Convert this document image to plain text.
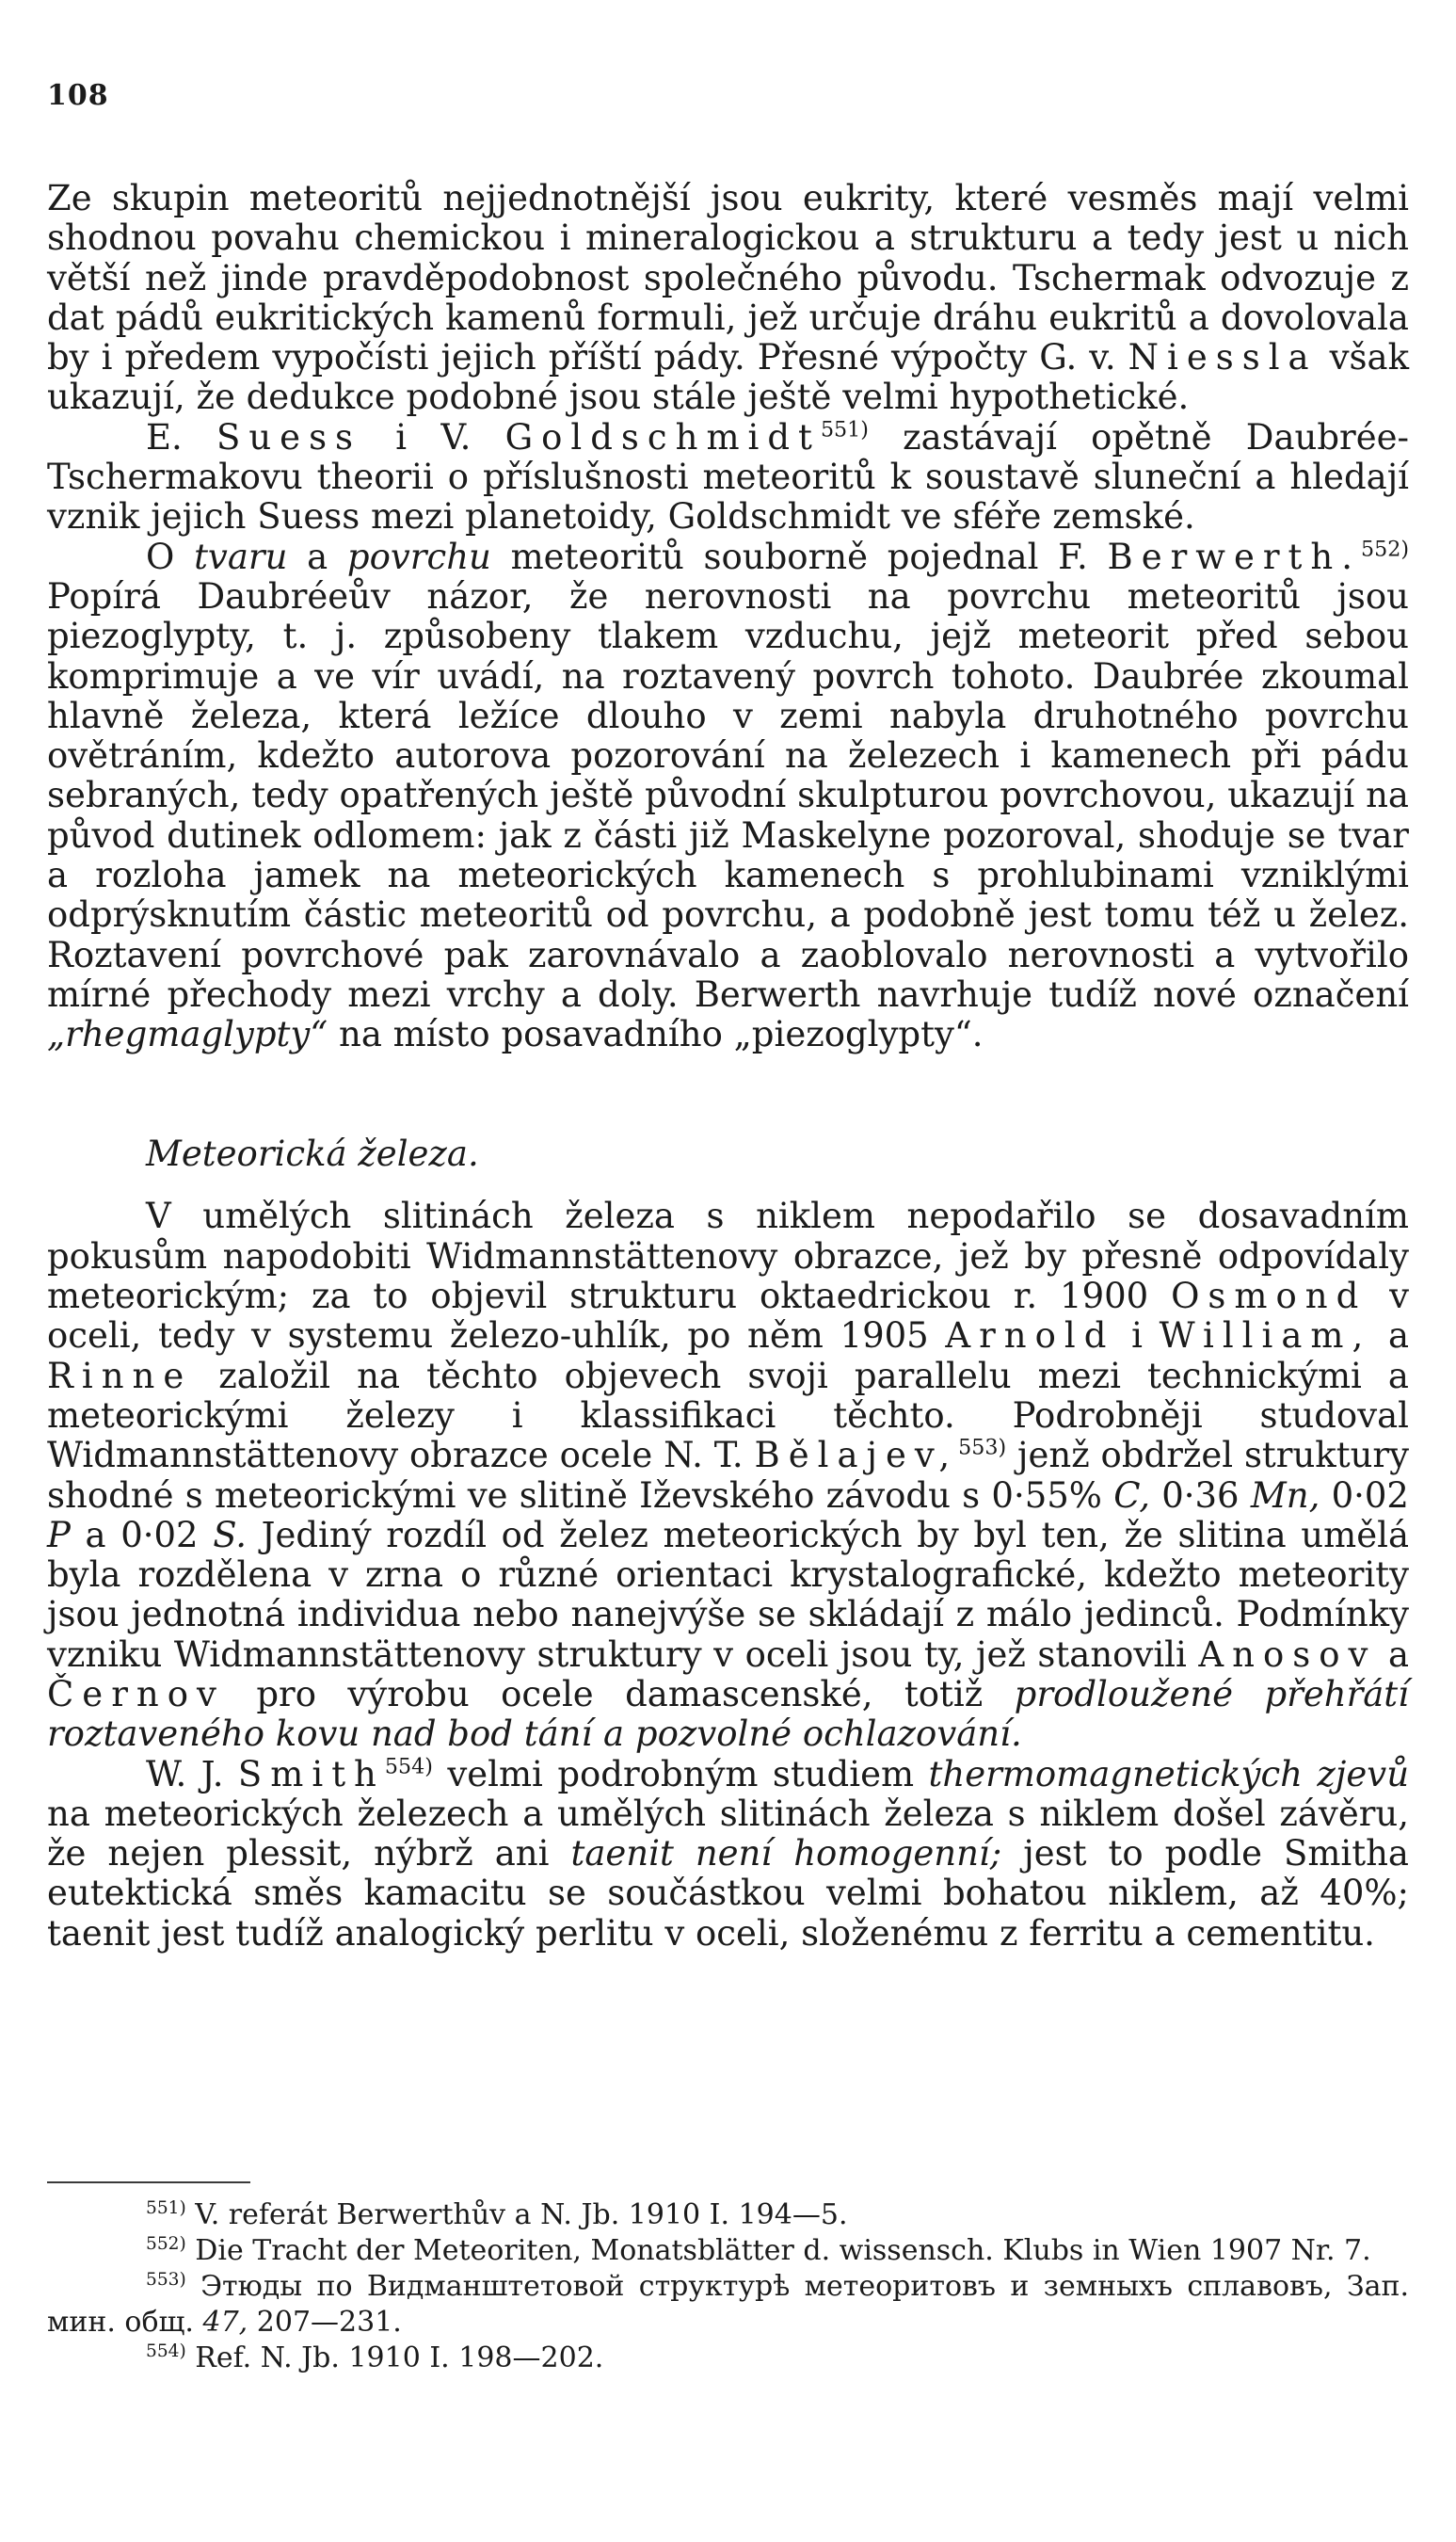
108

Ze skupin meteoritů nejjednotnější jsou eukrity, které vesměs mají velmi shodnou povahu chemickou i mineralogickou a strukturu a tedy jest u nich větší než jinde pravděpodobnost společného původu. Tschermak odvozuje z dat pádů eukritických kamenů formuli, jež určuje dráhu eukritů a dovolovala by i předem vypočísti jejich příští pády. Přesné výpočty G. v. Niessla však ukazují, že dedukce podobné jsou stále ještě velmi hypothetické.

E. Suess i V. Goldschmidt$^{551)}$ zastávají opětně Daubrée-Tschermakovu theorii o příslušnosti meteoritů k soustavě sluneční a hledají vznik jejich Suess mezi planetoidy, Goldschmidt ve sféře zemské.

O tvaru a povrchu meteoritů souborně pojednal F. Berwerth.$^{552)}$ Popírá Daubréeův názor, že nerovnosti na povrchu meteoritů jsou piezoglypty, t. j. způsobeny tlakem vzduchu, jejž meteorit před sebou komprimuje a ve vír uvádí, na roztavený povrch tohoto. Daubrée zkoumal hlavně železa, která ležíce dlouho v zemi nabyla druhotného povrchu ovětráním, kdežto autorova pozorování na železech i kamenech při pádu sebraných, tedy opatřených ještě původní skulpturou povrchovou, ukazují na původ dutinek odlomem: jak z části již Maskelyne pozoroval, shoduje se tvar a rozloha jamek na meteorických kamenech s prohlubinami vzniklými odprýsknutím částic meteoritů od povrchu, a podobně jest tomu též u želez. Roztavení povrchové pak zarovnávalo a zaoblovalo nerovnosti a vytvořilo mírné přechody mezi vrchy a doly. Berwerth navrhuje tudíž nové označení „rhegmaglypty“ na místo posavadního „piezoglypty“.

Meteorická železa.

V umělých slitinách železa s niklem nepodařilo se dosavadním pokusům napodobiti Widmannstättenovy obrazce, jež by přesně odpovídaly meteorickým; za to objevil strukturu oktaedrickou r. 1900 Osmond v oceli, tedy v systemu železo-uhlík, po něm 1905 Arnold i William, a Rinne založil na těchto objevech svoji parallelu mezi technickými a meteorickými železy i klassifikaci těchto. Podrobněji studoval Widmannstättenovy obrazce ocele N. T. Bělajev,$^{553)}$ jenž obdržel struktury shodné s meteorickými ve slitině Iževského závodu s 0·55% C, 0·36 Mn, 0·02 P a 0·02 S. Jediný rozdíl od želez meteorických by byl ten, že slitina umělá byla rozdělena v zrna o různé orientaci krystalografické, kdežto meteority jsou jednotná individua nebo nanejvýše se skládají z málo jedinců. Podmínky vzniku Widmannstättenovy struktury v oceli jsou ty, jež stanovili Anosov a Černov pro výrobu ocele damascenské, totiž prodloužené přehřátí roztaveného kovu nad bod tání a pozvolné ochlazování.

W. J. Smith$^{554)}$ velmi podrobným studiem thermomagnetických zjevů na meteorických železech a umělých slitinách železa s niklem došel závěru, že nejen plessit, nýbrž ani taenit není homogenní; jest to podle Smitha eutektická směs kamacitu se součástkou velmi bohatou niklem, až 40%; taenit jest tudíž analogický perlitu v oceli, složenému z ferritu a cementitu.

$^{551)}$ V. referát Berwerthův a N. Jb. 1910 I. 194—5.

$^{552)}$ Die Tracht der Meteoriten, Monatsblätter d. wissensch. Klubs in Wien 1907 Nr. 7.

$^{553)}$ Этюды по Видманштетовой структурѣ метеоритовъ и земныхъ сплавовъ, Зап. мин. общ. 47, 207—231.

$^{554)}$ Ref. N. Jb. 1910 I. 198—202.
